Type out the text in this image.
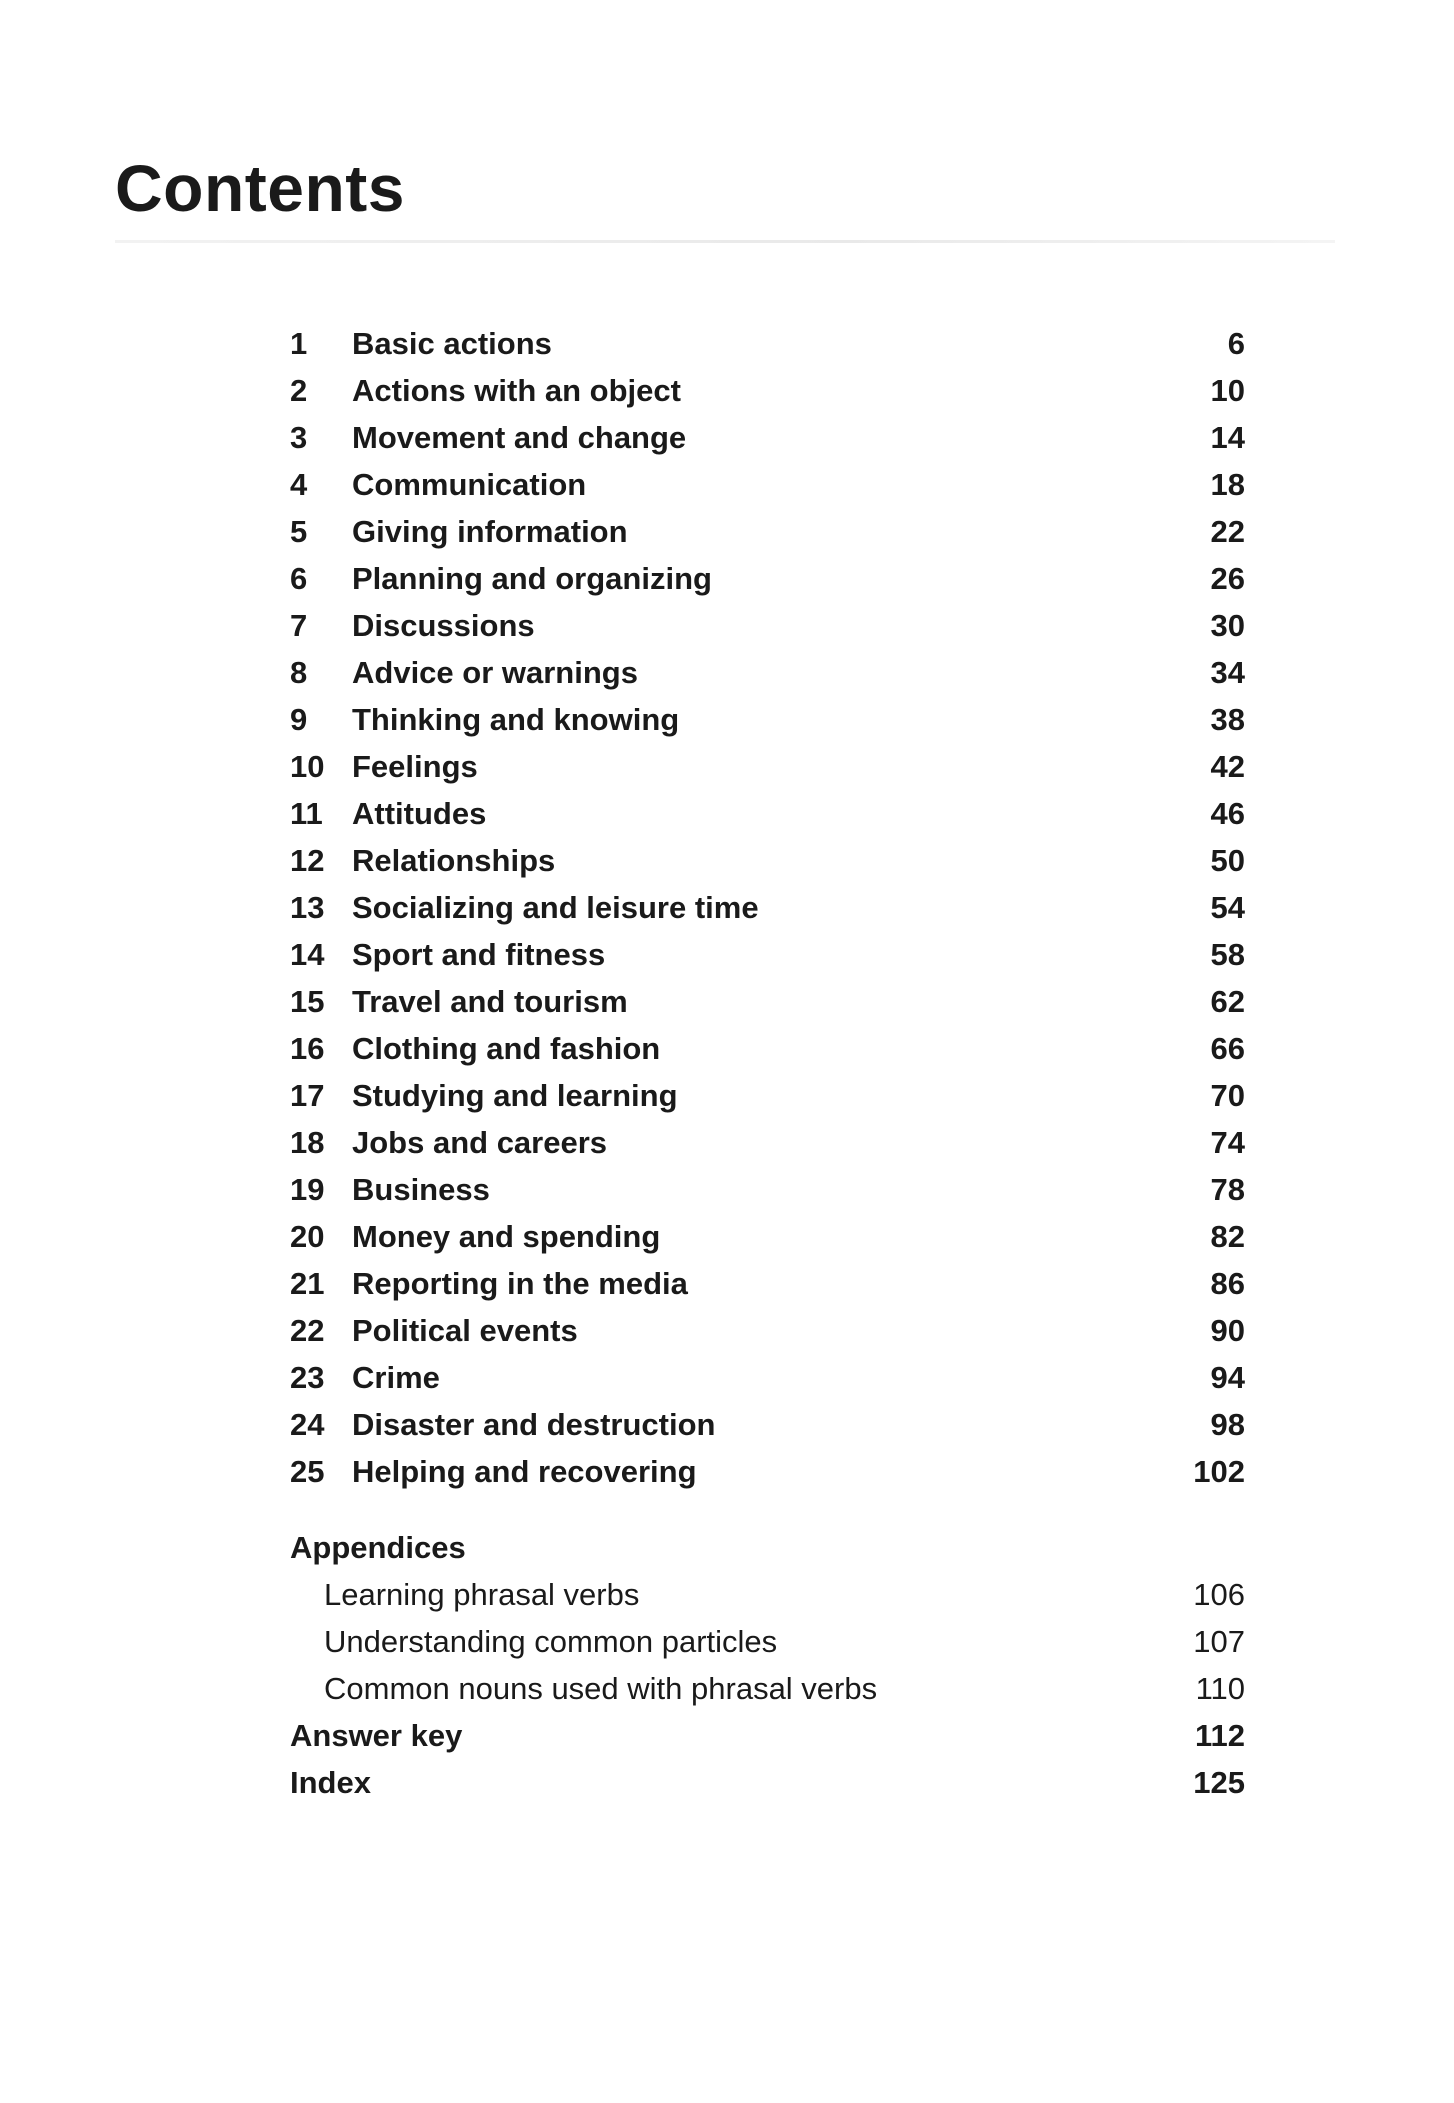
Contents
1 Basic actions	6
2 Actions with an object	10
3 Movement and change	14
4 Communication	18
5 Giving information	22
6 Planning and organizing	26
7 Discussions	30
8 Advice or warnings	34
9 Thinking and knowing	38
10 Feelings	42
11 Attitudes	46
12 Relationships	50
13 Socializing and leisure time	54
14 Sport and fitness	58
15 Travel and tourism	62
16 Clothing and fashion	66
17 Studying and learning	70
18 Jobs and careers	74
19 Business	78
20 Money and spending	82
21 Reporting in the media	86
22 Political events	90
23 Crime	94
24 Disaster and destruction	98
25 Helping and recovering	102
Appendices
Learning phrasal verbs	106
Understanding common particles	107
Common nouns used with phrasal verbs	110
Answer key	112
Index	125
